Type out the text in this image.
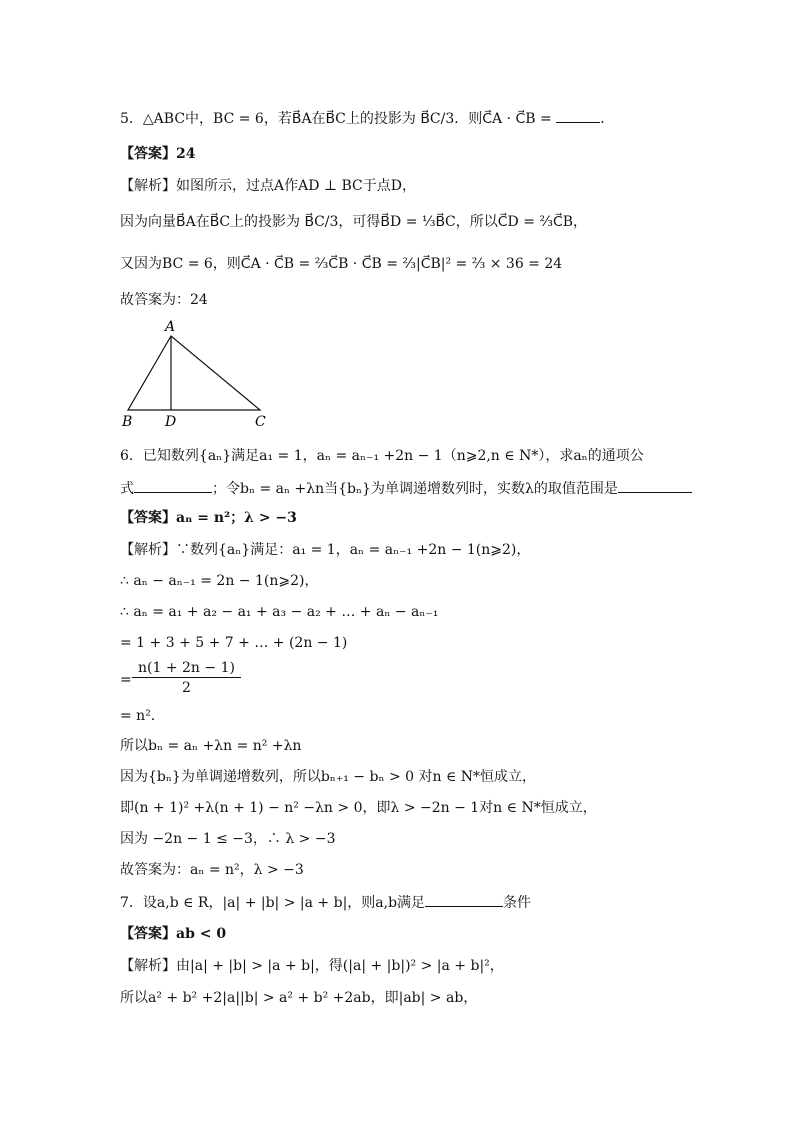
5．△ABC中，BC = 6，若B⃗A在B⃗C上的投影为 B⃗C/3．则C⃗A · C⃗B =	．
【答案】24
【解析】如图所示，过点A作AD ⊥ BC于点D，
因为向量B⃗A在B⃗C上的投影为 B⃗C/3，可得B⃗D = ⅓B⃗C，所以C⃗D = ⅔C⃗B，
又因为BC = 6，则C⃗A · C⃗B = ⅔C⃗B · C⃗B = ⅔|C⃗B|² = ⅔ × 36 = 24
故答案为：24
A
B D	C
6．已知数列{aₙ}满足a₁ = 1，aₙ = aₙ₋₁ +2n − 1（n⩾2,n ∈ N*），求aₙ的通项公
式	；令bₙ = aₙ +λn当{bₙ}为单调递增数列时，实数λ的取值范围是
【答案】aₙ = n²；λ > −3
【解析】∵数列{aₙ}满足：a₁ = 1，aₙ = aₙ₋₁ +2n − 1(n⩾2)，
∴ aₙ − aₙ₋₁ = 2n − 1(n⩾2)，
∴ aₙ = a₁ + a₂ − a₁ + a₃ − a₂ + … + aₙ − aₙ₋₁
= 1 + 3 + 5 + 7 + … + (2n − 1)
= $\frac{n(1 + 2n - 1)}{2}$
= n².
所以bₙ = aₙ +λn = n² +λn
因为{bₙ}为单调递增数列，所以bₙ₊₁ − bₙ > 0 对n ∈ N*恒成立，
即(n + 1)² +λ(n + 1) − n² −λn > 0，即λ > −2n − 1对n ∈ N*恒成立，
因为 −2n − 1 ≤ −3，∴ λ > −3
故答案为：aₙ = n²，λ > −3
7．设a,b ∈ R，|a| + |b| > |a + b|，则a,b满足	条件
【答案】ab < 0
【解析】由|a| + |b| > |a + b|，得(|a| + |b|)² > |a + b|²，
所以a² + b² +2|a||b| > a² + b² +2ab，即|ab| > ab，
